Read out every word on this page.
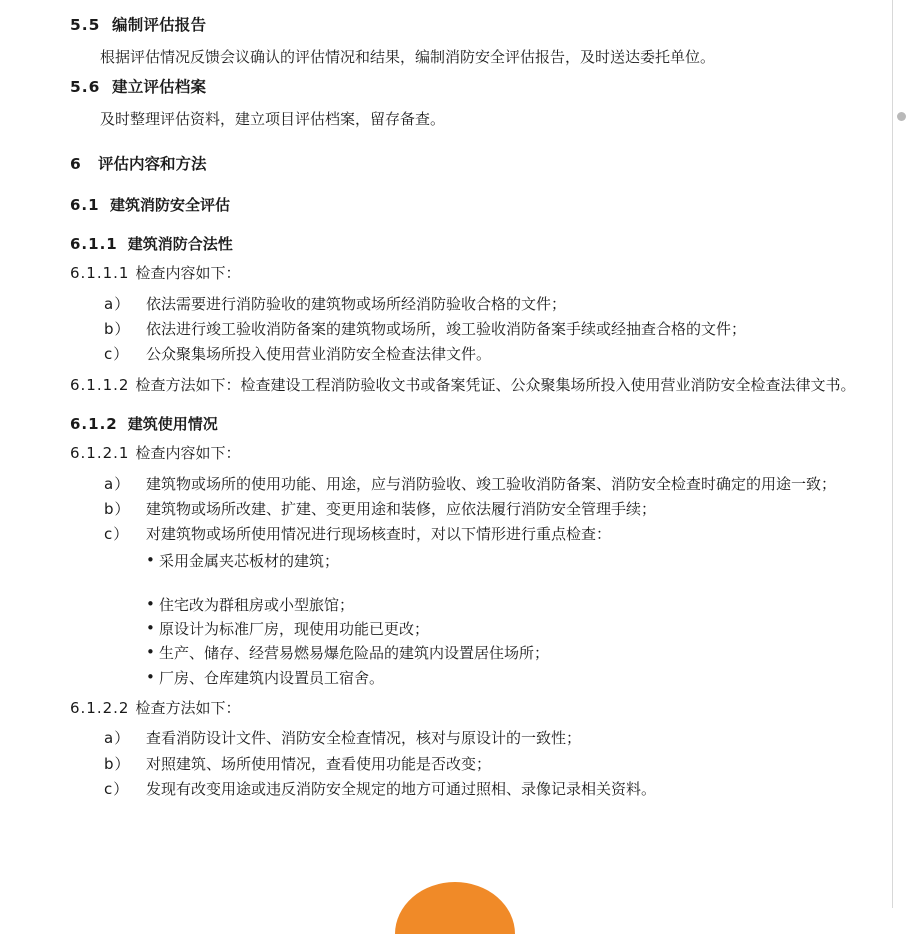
5.5 编制评估报告

根据评估情况反馈会议确认的评估情况和结果，编制消防安全评估报告，及时送达委托单位。

5.6 建立评估档案

及时整理评估资料，建立项目评估档案，留存备查。

6 评估内容和方法
6.1 建筑消防安全评估
6.1.1 建筑消防合法性

6.1.1.1 检查内容如下：

a）	依法需要进行消防验收的建筑物或场所经消防验收合格的文件；
b）	依法进行竣工验收消防备案的建筑物或场所，竣工验收消防备案手续或经抽查合格的文件；
c）	公众聚集场所投入使用营业消防安全检查法律文件。

6.1.1.2 检查方法如下：检查建设工程消防验收文书或备案凭证、公众聚集场所投入使用营业消防安全检查法律文书。

6.1.2 建筑使用情况

6.1.2.1 检查内容如下：

a）	建筑物或场所的使用功能、用途，应与消防验收、竣工验收消防备案、消防安全检查时确定的用途一致；
b）	建筑物或场所改建、扩建、变更用途和装修，应依法履行消防安全管理手续；
c）	对建筑物或场所使用情况进行现场核查时，对以下情形进行重点检查：
• 采用金属夹芯板材的建筑；
• 住宅改为群租房或小型旅馆；
• 原设计为标准厂房，现使用功能已更改；
• 生产、储存、经营易燃易爆危险品的建筑内设置居住场所；
• 厂房、仓库建筑内设置员工宿舍。

6.1.2.2 检查方法如下：

a）	查看消防设计文件、消防安全检查情况，核对与原设计的一致性；
b）	对照建筑、场所使用情况，查看使用功能是否改变；
c）	发现有改变用途或违反消防安全规定的地方可通过照相、录像记录相关资料。
